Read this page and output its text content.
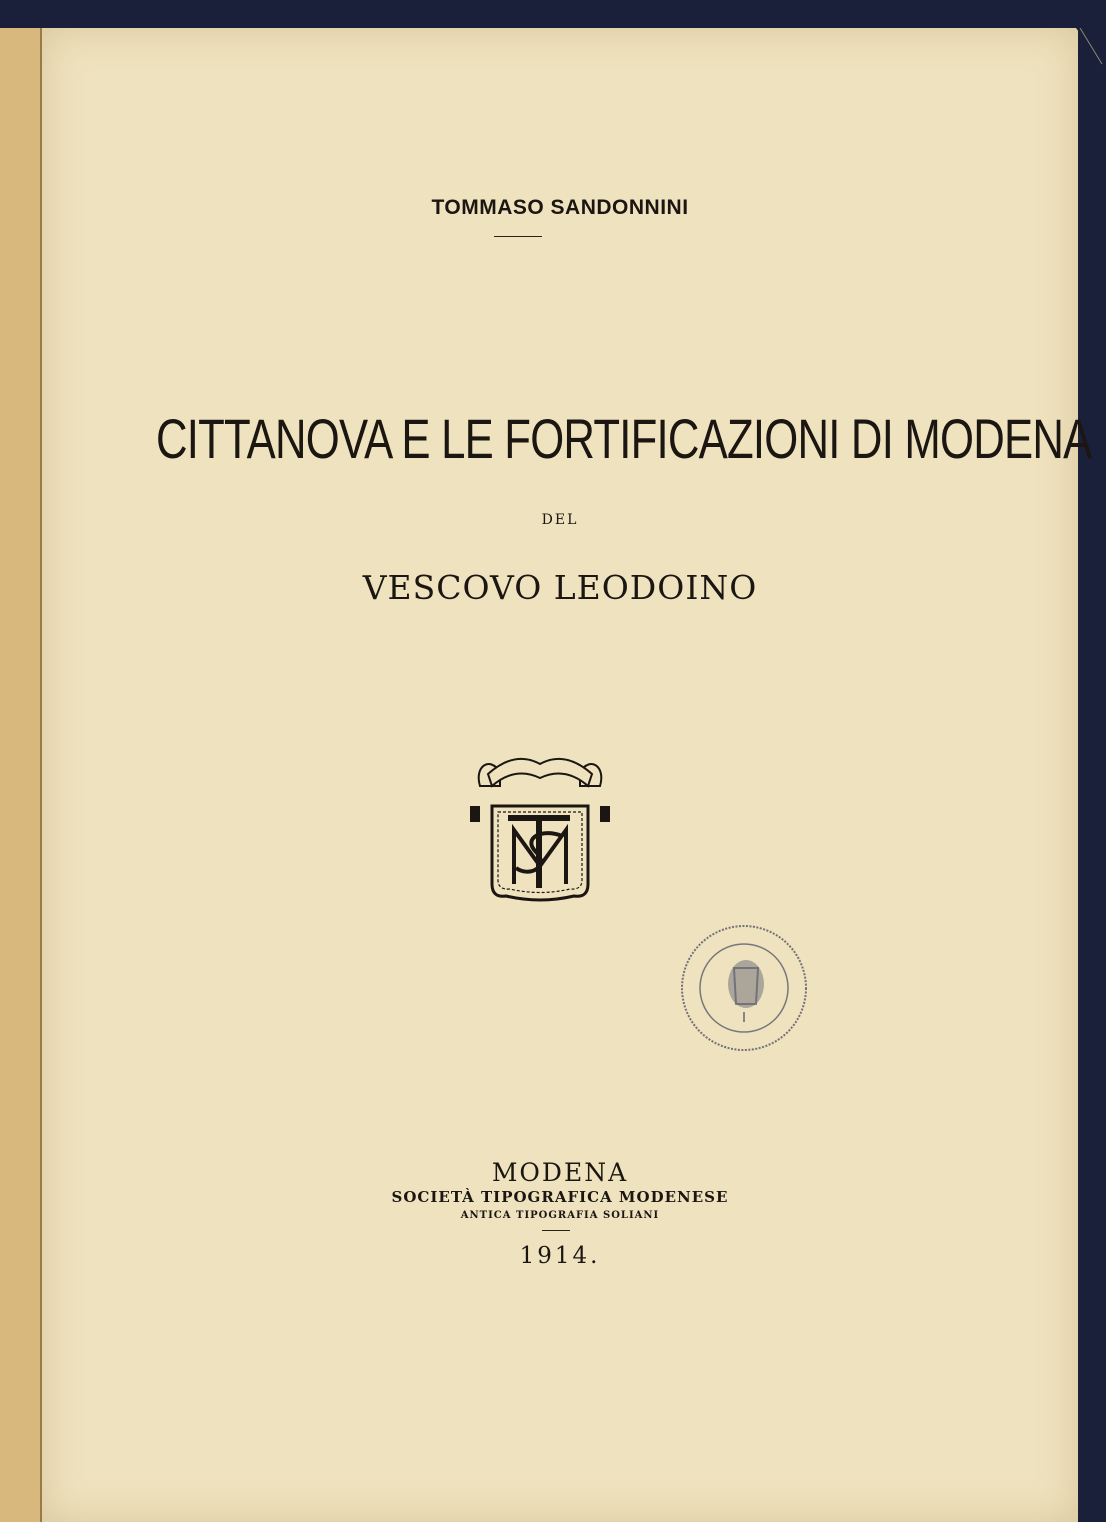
TOMMASO SANDONNINI
CITTANOVA E LE FORTIFICAZIONI DI MODENA
DEL
VESCOVO LEODOINO
MODENA
SOCIETÀ TIPOGRAFICA MODENESE
ANTICA TIPOGRAFIA SOLIANI
1914.
